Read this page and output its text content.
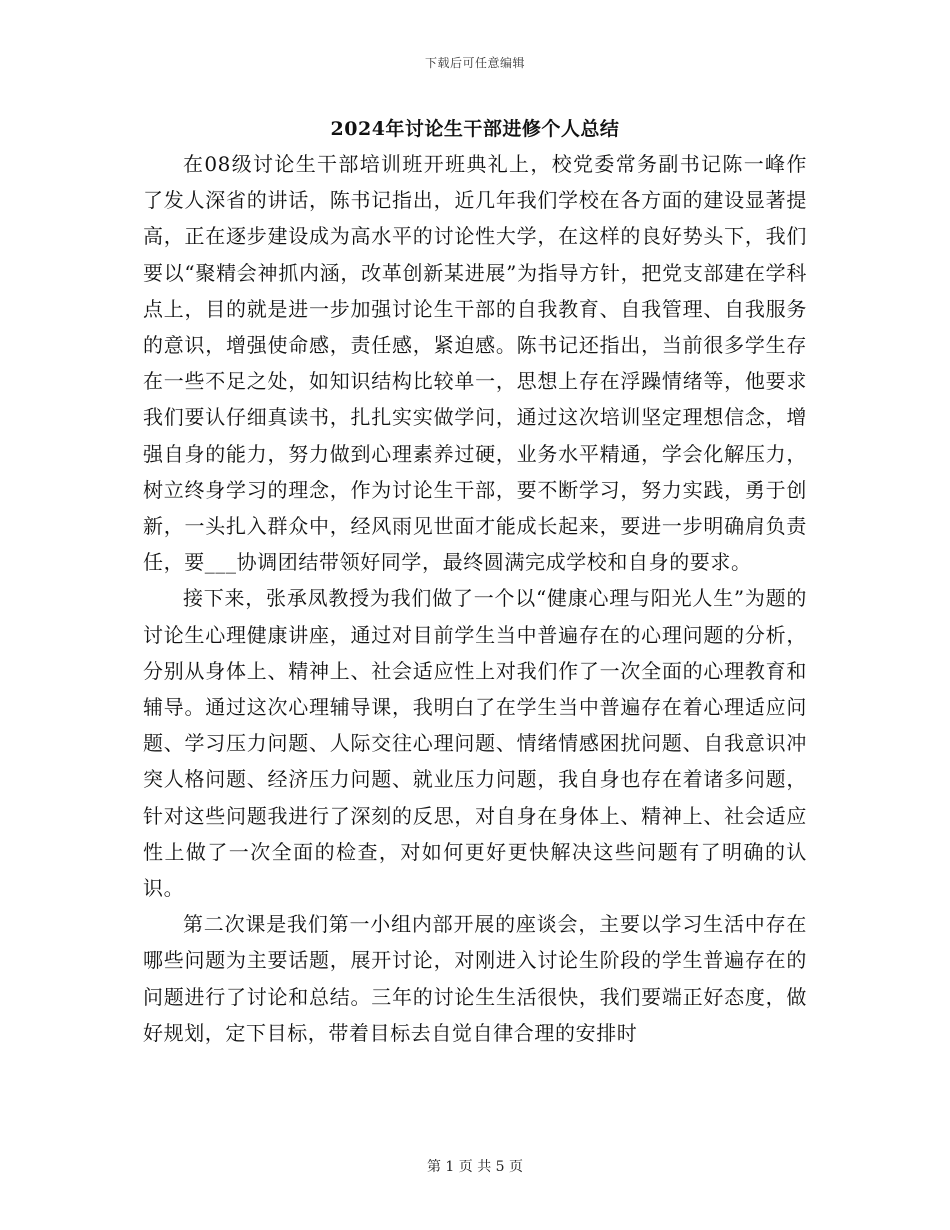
下载后可任意编辑
2024年讨论生干部进修个人总结

在08级讨论生干部培训班开班典礼上，校党委常务副书记陈一峰作了发人深省的讲话，陈书记指出，近几年我们学校在各方面的建设显著提高，正在逐步建设成为高水平的讨论性大学，在这样的良好势头下，我们要以“聚精会神抓内涵，改革创新某进展”为指导方针，把党支部建在学科点上，目的就是进一步加强讨论生干部的自我教育、自我管理、自我服务的意识，增强使命感，责任感，紧迫感。陈书记还指出，当前很多学生存在一些不足之处，如知识结构比较单一，思想上存在浮躁情绪等，他要求我们要认仔细真读书，扎扎实实做学问，通过这次培训坚定理想信念，增强自身的能力，努力做到心理素养过硬，业务水平精通，学会化解压力，树立终身学习的理念，作为讨论生干部，要不断学习，努力实践，勇于创新，一头扎入群众中，经风雨见世面才能成长起来，要进一步明确肩负责任，要___协调团结带领好同学，最终圆满完成学校和自身的要求。

接下来，张承凤教授为我们做了一个以“健康心理与阳光人生”为题的讨论生心理健康讲座，通过对目前学生当中普遍存在的心理问题的分析，分别从身体上、精神上、社会适应性上对我们作了一次全面的心理教育和辅导。通过这次心理辅导课，我明白了在学生当中普遍存在着心理适应问题、学习压力问题、人际交往心理问题、情绪情感困扰问题、自我意识冲突人格问题、经济压力问题、就业压力问题，我自身也存在着诸多问题，针对这些问题我进行了深刻的反思，对自身在身体上、精神上、社会适应性上做了一次全面的检查，对如何更好更快解决这些问题有了明确的认识。

第二次课是我们第一小组内部开展的座谈会，主要以学习生活中存在哪些问题为主要话题，展开讨论，对刚进入讨论生阶段的学生普遍存在的问题进行了讨论和总结。三年的讨论生生活很快，我们要端正好态度，做好规划，定下目标，带着目标去自觉自律合理的安排时

第 1 页 共 5 页
